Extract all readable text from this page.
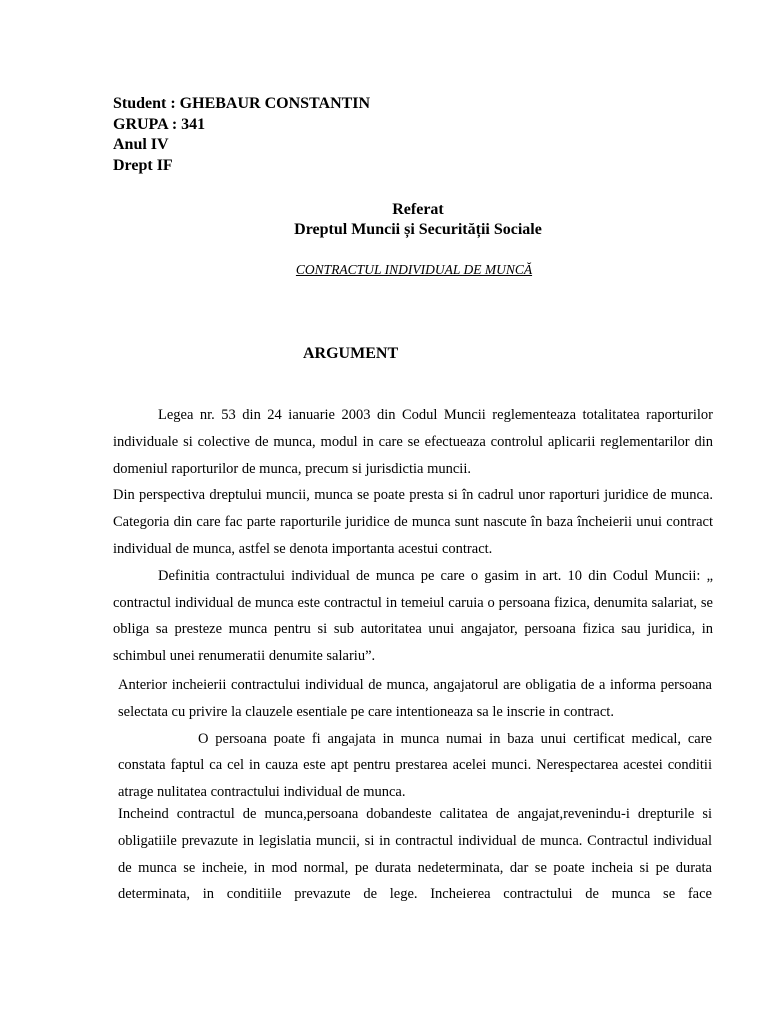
Student : GHEBAUR CONSTANTIN
GRUPA : 341
Anul IV
Drept IF
Referat
Dreptul Muncii și Securității Sociale
CONTRACTUL INDIVIDUAL DE MUNCĂ
ARGUMENT

Legea nr. 53 din 24 ianuarie 2003 din Codul Muncii reglementeaza totalitatea raporturilor individuale si colective de munca, modul in care se efectueaza controlul aplicarii reglementarilor din domeniul raporturilor de munca, precum si jurisdictia muncii.

Din perspectiva dreptului muncii, munca se poate presta si în cadrul unor raporturi juridice de munca. Categoria din care fac parte raporturile juridice de munca sunt nascute în baza încheierii unui contract individual de munca, astfel se denota importanta acestui contract.

Definitia contractului individual de munca pe care o gasim in art. 10 din Codul Muncii: „ contractul individual de munca este contractul in temeiul caruia o persoana fizica, denumita salariat, se obliga sa presteze munca pentru si sub autoritatea unui angajator, persoana fizica sau juridica, in schimbul unei renumeratii denumite salariu”.

Anterior incheierii contractului individual de munca, angajatorul are obligatia de a informa persoana selectata cu privire la clauzele esentiale pe care intentioneaza sa le inscrie in contract.

O persoana poate fi angajata in munca numai in baza unui certificat medical, care constata faptul ca cel in cauza este apt pentru prestarea acelei munci. Nerespectarea acestei conditii atrage nulitatea contractului individual de munca.

Incheind contractul de munca,persoana dobandeste calitatea de angajat,revenindu-i drepturile si obligatiile prevazute in legislatia muncii, si in contractul individual de munca. Contractul individual de munca se incheie, in mod normal, pe durata nedeterminata, dar se poate incheia si pe durata determinata, in conditiile prevazute de lege. Incheierea contractului de munca se face
